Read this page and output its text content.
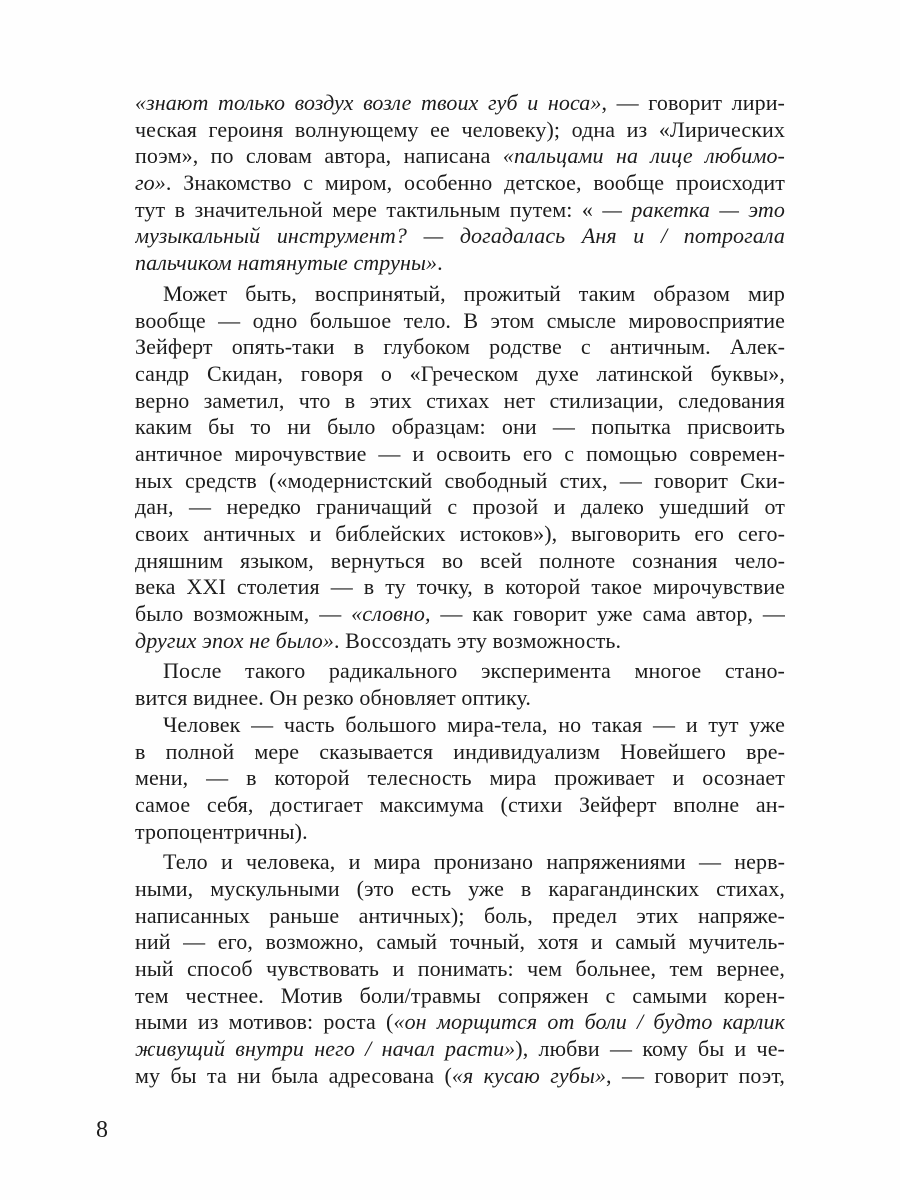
«знают только воздух возле твоих губ и носа», — говорит лири-
ческая героиня волнующему ее человеку); одна из «Лирических
поэм», по словам автора, написана «пальцами на лице любимо-
го». Знакомство с миром, особенно детское, вообще происходит
тут в значительной мере тактильным путем: « — ракетка — это
музыкальный инструмент? — догадалась Аня и / потрогала
пальчиком натянутые струны».
Может быть, воспринятый, прожитый таким образом мир
вообще — одно большое тело. В этом смысле мировосприятие
Зейферт опять-таки в глубоком родстве с античным. Алек-
сандр Скидан, говоря о «Греческом духе латинской буквы»,
верно заметил, что в этих стихах нет стилизации, следования
каким бы то ни было образцам: они — попытка присвоить
античное мирочувствие — и освоить его с помощью современ-
ных средств («модернистский свободный стих, — говорит Ски-
дан, — нередко граничащий с прозой и далеко ушедший от
своих античных и библейских истоков»), выговорить его сего-
дняшним языком, вернуться во всей полноте сознания чело-
века XXI столетия — в ту точку, в которой такое мирочувствие
было возможным, — «словно, — как говорит уже сама автор, —
других эпох не было». Воссоздать эту возможность.
После такого радикального эксперимента многое стано-
вится виднее. Он резко обновляет оптику.
Человек — часть большого мира-тела, но такая — и тут уже
в полной мере сказывается индивидуализм Новейшего вре-
мени, — в которой телесность мира проживает и осознает
самое себя, достигает максимума (стихи Зейферт вполне ан-
тропоцентричны).
Тело и человека, и мира пронизано напряжениями — нерв-
ными, мускульными (это есть уже в карагандинских стихах,
написанных раньше античных); боль, предел этих напряже-
ний — его, возможно, самый точный, хотя и самый мучитель-
ный способ чувствовать и понимать: чем больнее, тем вернее,
тем честнее. Мотив боли/травмы сопряжен с самыми корен-
ными из мотивов: роста («он морщится от боли / будто карлик
живущий внутри него / начал расти»), любви — кому бы и че-
му бы та ни была адресована («я кусаю губы», — говорит поэт,
8
